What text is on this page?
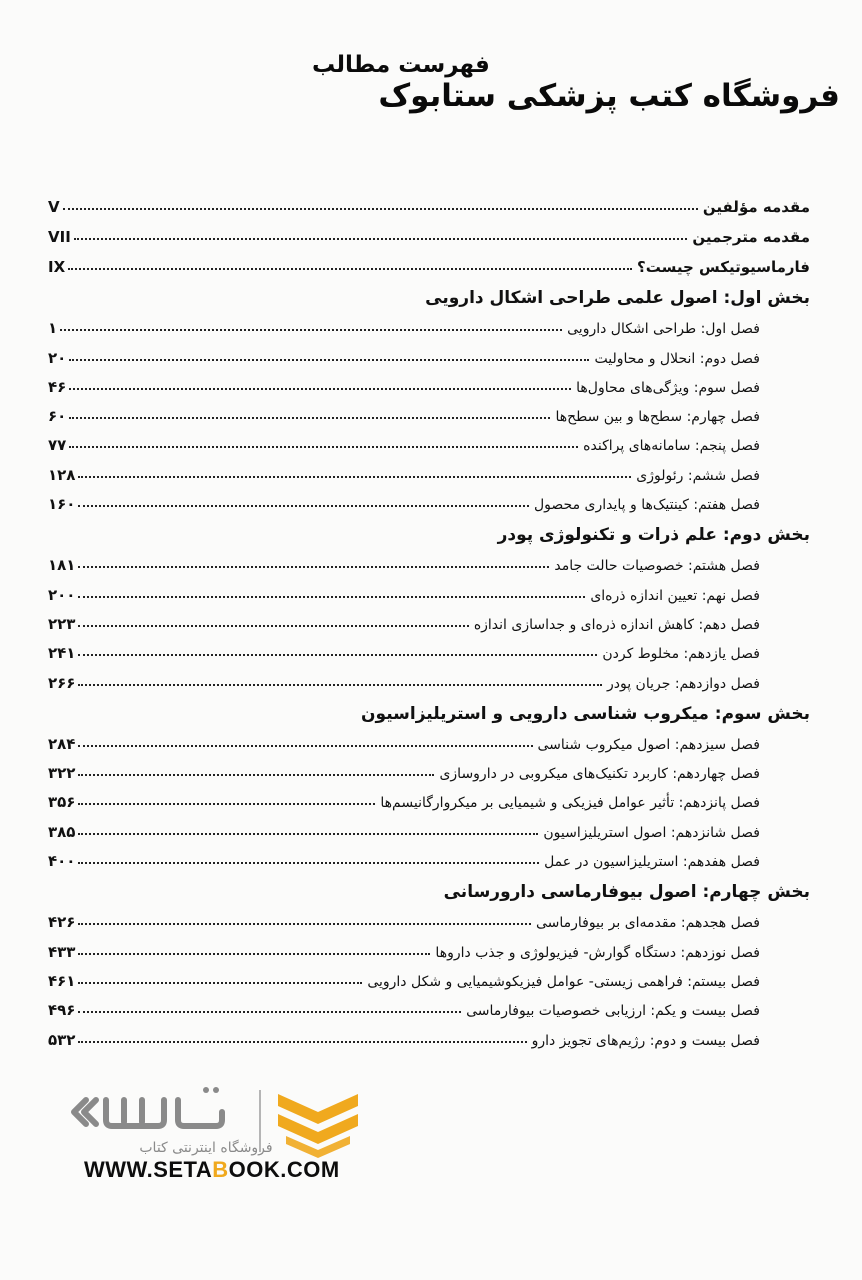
فهرست مطالب
فروشگاه کتب پزشکی ستابوک
مقدمه مؤلفین
V
مقدمه مترجمین
VII
فارماسیوتیکس چیست؟
IX
بخش اول: اصول علمی طراحی اشکال دارویی
فصل اول: طراحی اشکال دارویی
۱
فصل دوم: انحلال و محاولیت
۲۰
فصل سوم: ویژگی‌های محاول‌ها
۴۶
فصل چهارم: سطح‌ها و بین سطح‌ها
۶۰
فصل پنجم: سامانه‌های پراکنده
۷۷
فصل ششم: رئولوژی
۱۲۸
فصل هفتم: کینتیک‌ها و پایداری محصول
۱۶۰
بخش دوم: علم ذرات و تکنولوژی پودر
فصل هشتم: خصوصیات حالت جامد
۱۸۱
فصل نهم: تعیین اندازه ذره‌ای
۲۰۰
فصل دهم: کاهش اندازه ذره‌ای و جداسازی اندازه
۲۲۳
فصل یازدهم: مخلوط کردن
۲۴۱
فصل دوازدهم: جریان پودر
۲۶۶
بخش سوم: میکروب شناسی دارویی و استریلیزاسیون
فصل سیزدهم: اصول میکروب شناسی
۲۸۴
فصل چهاردهم: کاربرد تکنیک‌های میکروبی در داروسازی
۳۲۲
فصل پانزدهم: تأثیر عوامل فیزیکی و شیمیایی بر میکروارگانیسم‌ها
۳۵۶
فصل شانزدهم: اصول استریلیزاسیون
۳۸۵
فصل هفدهم: استریلیزاسیون در عمل
۴۰۰
بخش چهارم: اصول بیوفارماسی دارورسانی
فصل هجدهم: مقدمه‌ای بر بیوفارماسی
۴۲۶
فصل نوزدهم: دستگاه گوارش- فیزیولوژی و جذب داروها
۴۳۳
فصل بیستم: فراهمی زیستی- عوامل فیزیکوشیمیایی و شکل دارویی
۴۶۱
فصل بیست و یکم: ارزیابی خصوصیات بیوفارماسی
۴۹۶
فصل بیست و دوم: رژیم‌های تجویز دارو
۵۳۲
فروشگاه اینترنتی کتاب
WWW.SETABOOK.COM
